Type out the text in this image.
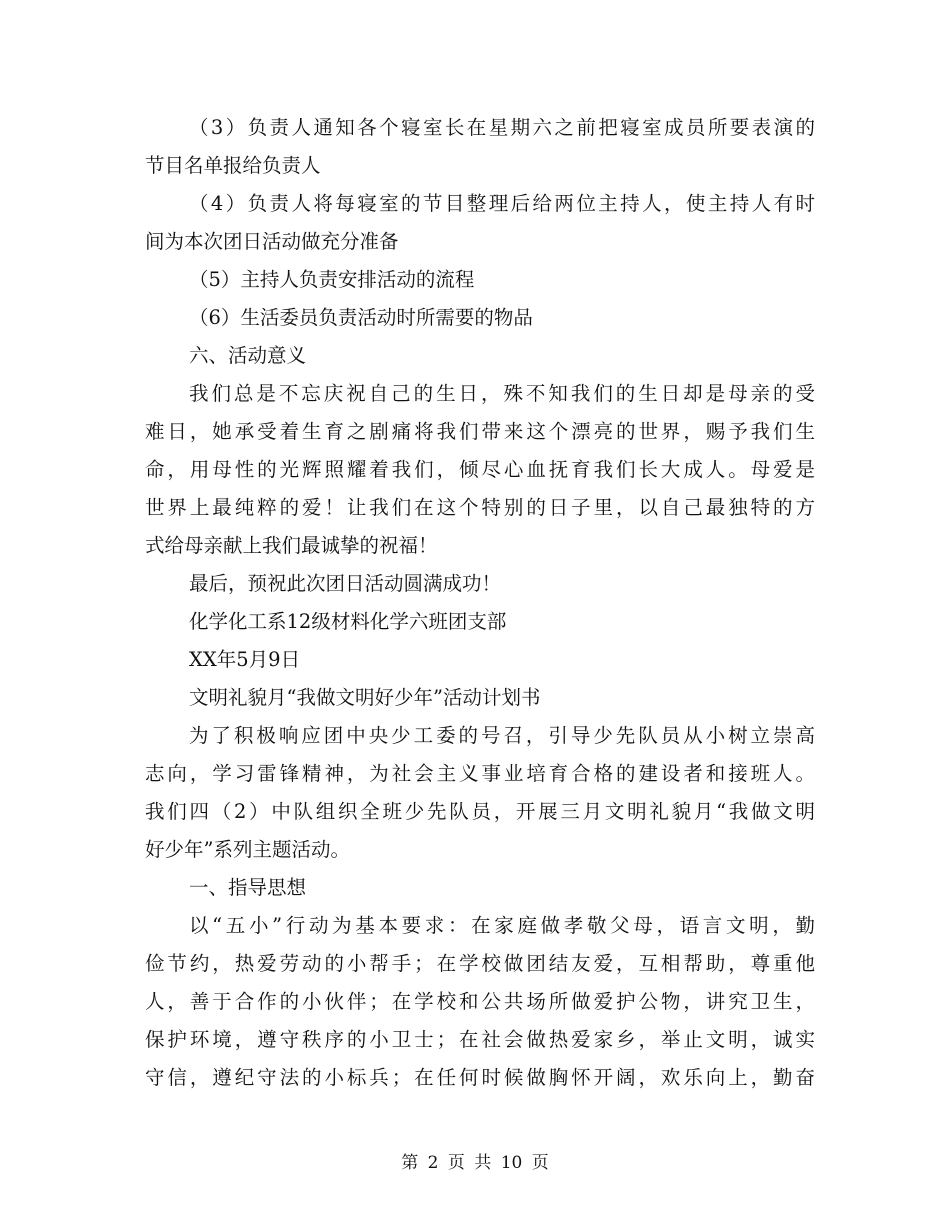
（3）负责人通知各个寝室长在星期六之前把寝室成员所要表演的
节目名单报给负责人
（4）负责人将每寝室的节目整理后给两位主持人，使主持人有时
间为本次团日活动做充分准备
（5）主持人负责安排活动的流程
（6）生活委员负责活动时所需要的物品
六、活动意义
我们总是不忘庆祝自己的生日，殊不知我们的生日却是母亲的受
难日，她承受着生育之剧痛将我们带来这个漂亮的世界，赐予我们生
命，用母性的光辉照耀着我们，倾尽心血抚育我们长大成人。母爱是
世界上最纯粹的爱！让我们在这个特别的日子里，以自己最独特的方
式给母亲献上我们最诚挚的祝福！
最后，预祝此次团日活动圆满成功！
化学化工系12级材料化学六班团支部
XX年5月9日
文明礼貌月“我做文明好少年”活动计划书
为了积极响应团中央少工委的号召，引导少先队员从小树立崇高
志向，学习雷锋精神，为社会主义事业培育合格的建设者和接班人。
我们四（2）中队组织全班少先队员，开展三月文明礼貌月“我做文明
好少年”系列主题活动。
一、指导思想
以“五小”行动为基本要求：在家庭做孝敬父母，语言文明，勤
俭节约，热爱劳动的小帮手；在学校做团结友爱，互相帮助，尊重他
人，善于合作的小伙伴；在学校和公共场所做爱护公物，讲究卫生，
保护环境，遵守秩序的小卫士；在社会做热爱家乡，举止文明，诚实
守信，遵纪守法的小标兵；在任何时候做胸怀开阔，欢乐向上，勤奋
第 2 页 共 10 页
